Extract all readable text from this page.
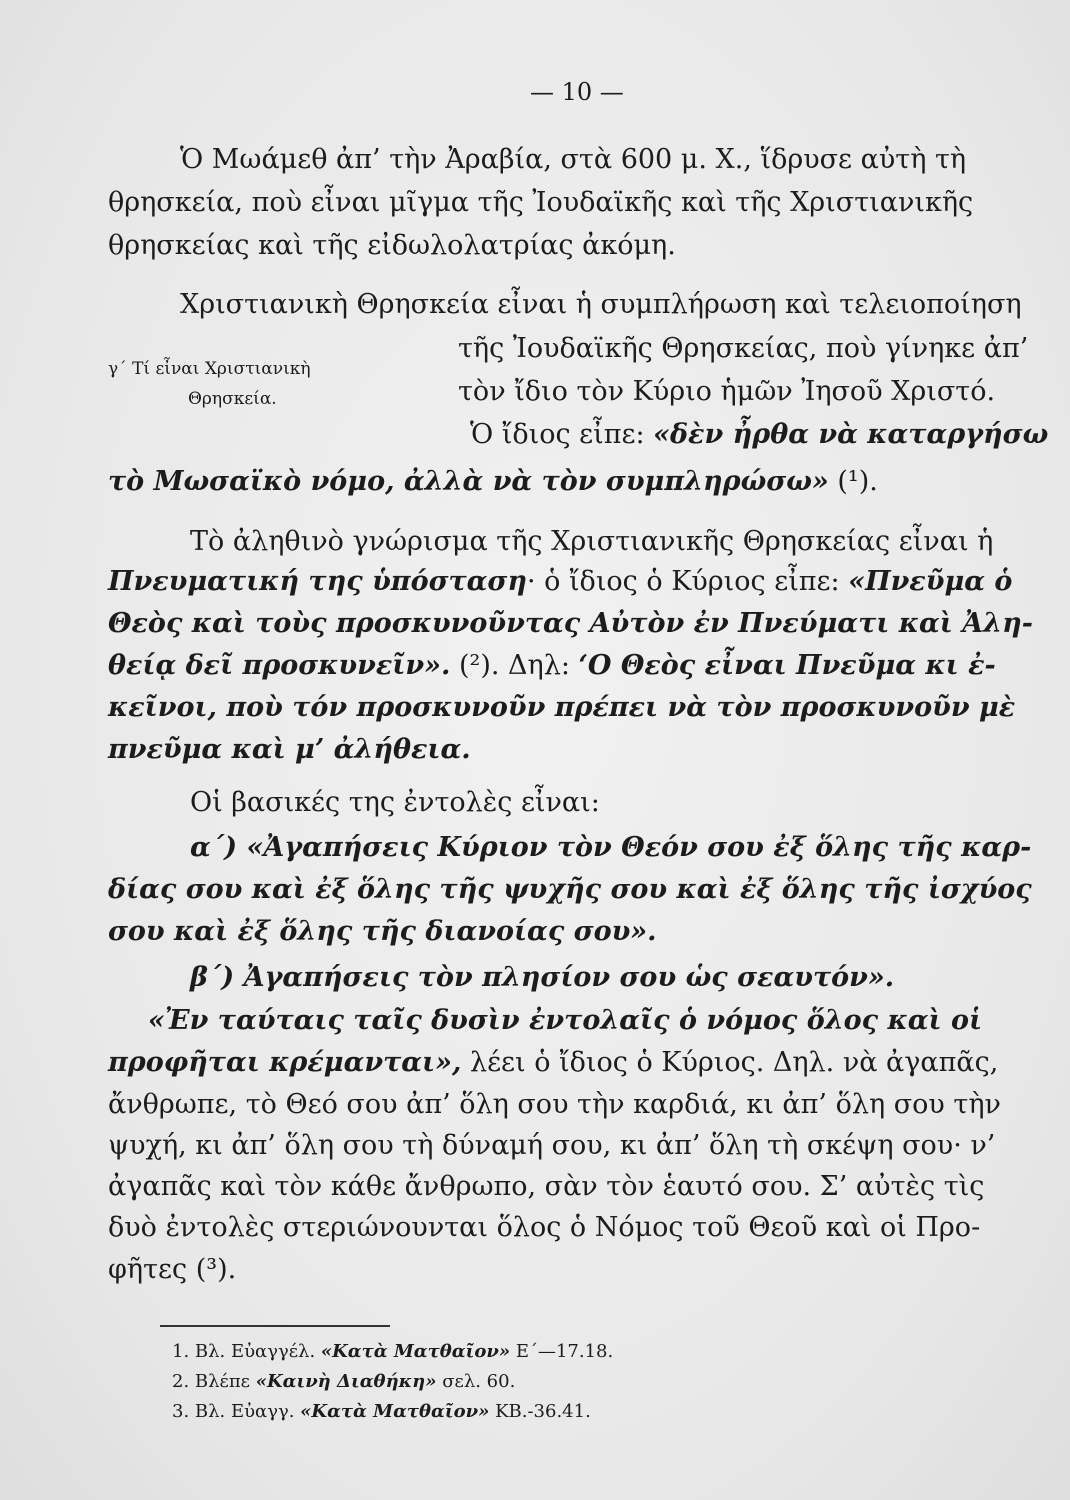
— 10 —
Ὁ Μωάμεθ ἀπ’ τὴν Ἀραβία, στὰ 600 μ. Χ., ἵδρυσε αὐτὴ τὴ
θρησκεία, ποὺ εἶναι μῖγμα τῆς Ἰουδαϊκῆς καὶ τῆς Χριστιανικῆς
θρησκείας καὶ τῆς εἰδωλολατρίας ἀκόμη.
Χριστιανικὴ Θρησκεία εἶναι ἡ συμπλήρωση καὶ τελειοποίηση
γ΄ Τί εἶναι Χριστιανικὴ
Θρησκεία.
τῆς Ἰουδαϊκῆς Θρησκείας, ποὺ γίνηκε ἀπ’
τὸν ἴδιο τὸν Κύριο ἡμῶν Ἰησοῦ Χριστό.
Ὁ ἴδιος εἶπε: «δὲν ἦρθα νὰ καταργήσω
τὸ Μωσαϊκὸ νόμο, ἀλλὰ νὰ τὸν συμπληρώσω» (¹).
Τὸ ἀληθινὸ γνώρισμα τῆς Χριστιανικῆς Θρησκείας εἶναι ἡ
Πνευματική της ὑπόσταση· ὁ ἴδιος ὁ Κύριος εἶπε: «Πνεῦμα ὁ
Θεὸς καὶ τοὺς προσκυνοῦντας Αὐτὸν ἐν Πνεύματι καὶ Ἀλη-
θείᾳ δεῖ προσκυνεῖν». (²). Δηλ: ‘Ο Θεὸς εἶναι Πνεῦμα κι ἐ-
κεῖνοι, ποὺ τόν προσκυνοῦν πρέπει νὰ τὸν προσκυνοῦν μὲ
πνεῦμα καὶ μ’ ἀλήθεια.
Οἱ βασικές της ἐντολὲς εἶναι:
α΄) «Ἀγαπήσεις Κύριον τὸν Θεόν σου ἐξ ὅλης τῆς καρ-
δίας σου καὶ ἐξ ὅλης τῆς ψυχῆς σου καὶ ἐξ ὅλης τῆς ἰσχύος
σου καὶ ἐξ ὅλης τῆς διανοίας σου».
β΄) Ἀγαπήσεις τὸν πλησίον σου ὡς σεαυτόν».
«Ἐν ταύταις ταῖς δυσὶν ἐντολαῖς ὁ νόμος ὅλος καὶ οἱ
προφῆται κρέμανται», λέει ὁ ἴδιος ὁ Κύριος. Δηλ. νὰ ἀγαπᾶς,
ἄνθρωπε, τὸ Θεό σου ἀπ’ ὅλη σου τὴν καρδιά, κι ἀπ’ ὅλη σου τὴν
ψυχή, κι ἀπ’ ὅλη σου τὴ δύναμή σου, κι ἀπ’ ὅλη τὴ σκέψη σου· ν’
ἀγαπᾶς καὶ τὸν κάθε ἄνθρωπο, σὰν τὸν ἑαυτό σου. Σ’ αὐτὲς τὶς
δυὸ ἐντολὲς στεριώνουνται ὅλος ὁ Νόμος τοῦ Θεοῦ καὶ οἱ Προ-
φῆτες (³).
1. Βλ. Εὐαγγέλ. «Κατὰ Ματθαῖον» Ε΄—17.18.
2. Βλέπε «Καινὴ Διαθήκη» σελ. 60.
3. Βλ. Εὐαγγ. «Κατὰ Ματθαῖον» ΚΒ.-36.41.
